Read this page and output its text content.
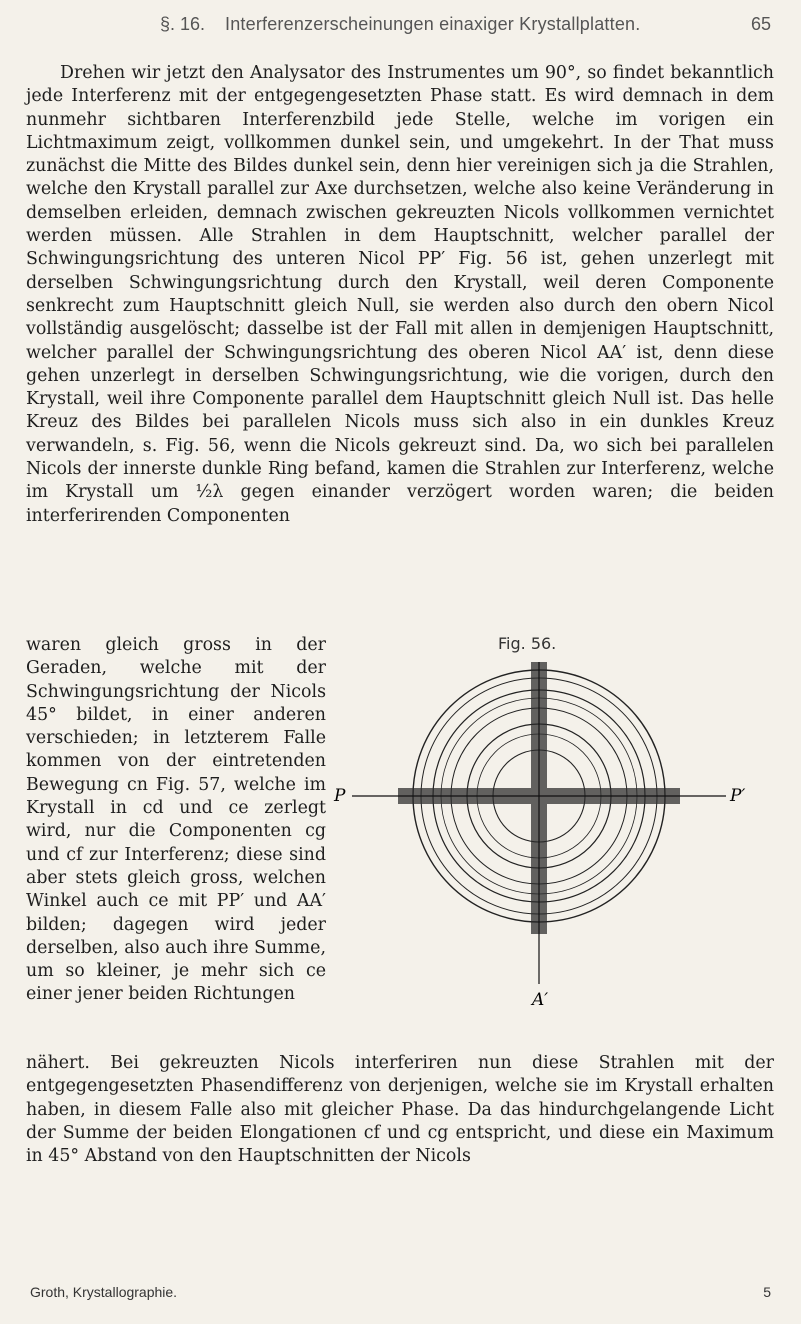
§. 16. Interferenzerscheinungen einaxiger Krystallplatten.	65

Drehen wir jetzt den Analysator des Instrumentes um 90°, so findet bekanntlich jede Interferenz mit der entgegengesetzten Phase statt. Es wird demnach in dem nunmehr sichtbaren Interferenzbild jede Stelle, welche im vorigen ein Lichtmaximum zeigt, vollkommen dunkel sein, und umgekehrt. In der That muss zunächst die Mitte des Bildes dunkel sein, denn hier vereinigen sich ja die Strahlen, welche den Krystall parallel zur Axe durchsetzen, welche also keine Veränderung in demselben erleiden, demnach zwischen gekreuzten Nicols vollkommen vernichtet werden müssen. Alle Strahlen in dem Hauptschnitt, welcher parallel der Schwingungsrichtung des unteren Nicol PP′ Fig. 56 ist, gehen unzerlegt mit derselben Schwingungsrichtung durch den Krystall, weil deren Componente senkrecht zum Hauptschnitt gleich Null, sie werden also durch den obern Nicol vollständig ausgelöscht; dasselbe ist der Fall mit allen in demjenigen Hauptschnitt, welcher parallel der Schwingungsrichtung des oberen Nicol AA′ ist, denn diese gehen unzerlegt in derselben Schwingungsrichtung, wie die vorigen, durch den Krystall, weil ihre Componente parallel dem Hauptschnitt gleich Null ist. Das helle Kreuz des Bildes bei parallelen Nicols muss sich also in ein dunkles Kreuz verwandeln, s. Fig. 56, wenn die Nicols gekreuzt sind. Da, wo sich bei parallelen Nicols der innerste dunkle Ring befand, kamen die Strahlen zur Interferenz, welche im Krystall um ½λ gegen einander verzögert worden waren; die beiden interferirenden Componenten

waren gleich gross in der Geraden, welche mit der Schwingungsrichtung der Nicols 45° bildet, in einer anderen verschieden; in letzterem Falle kommen von der eintretenden Bewegung cn Fig. 57, welche im Krystall in cd und ce zerlegt wird, nur die Componenten cg und cf zur Interferenz; diese sind aber stets gleich gross, welchen Winkel auch ce mit PP′ und AA′ bilden; dagegen wird jeder derselben, also auch ihre Summe, um so kleiner, je mehr sich ce einer jener beiden Richtungen
Fig. 56.
A′
P	P′
nähert. Bei gekreuzten Nicols interferiren nun diese Strahlen mit der entgegengesetzten Phasendifferenz von derjenigen, welche sie im Krystall erhalten haben, in diesem Falle also mit gleicher Phase. Da das hindurchgelangende Licht der Summe der beiden Elongationen cf und cg entspricht, und diese ein Maximum in 45° Abstand von den Hauptschnitten der Nicols
Groth, Krystallographie.	5
